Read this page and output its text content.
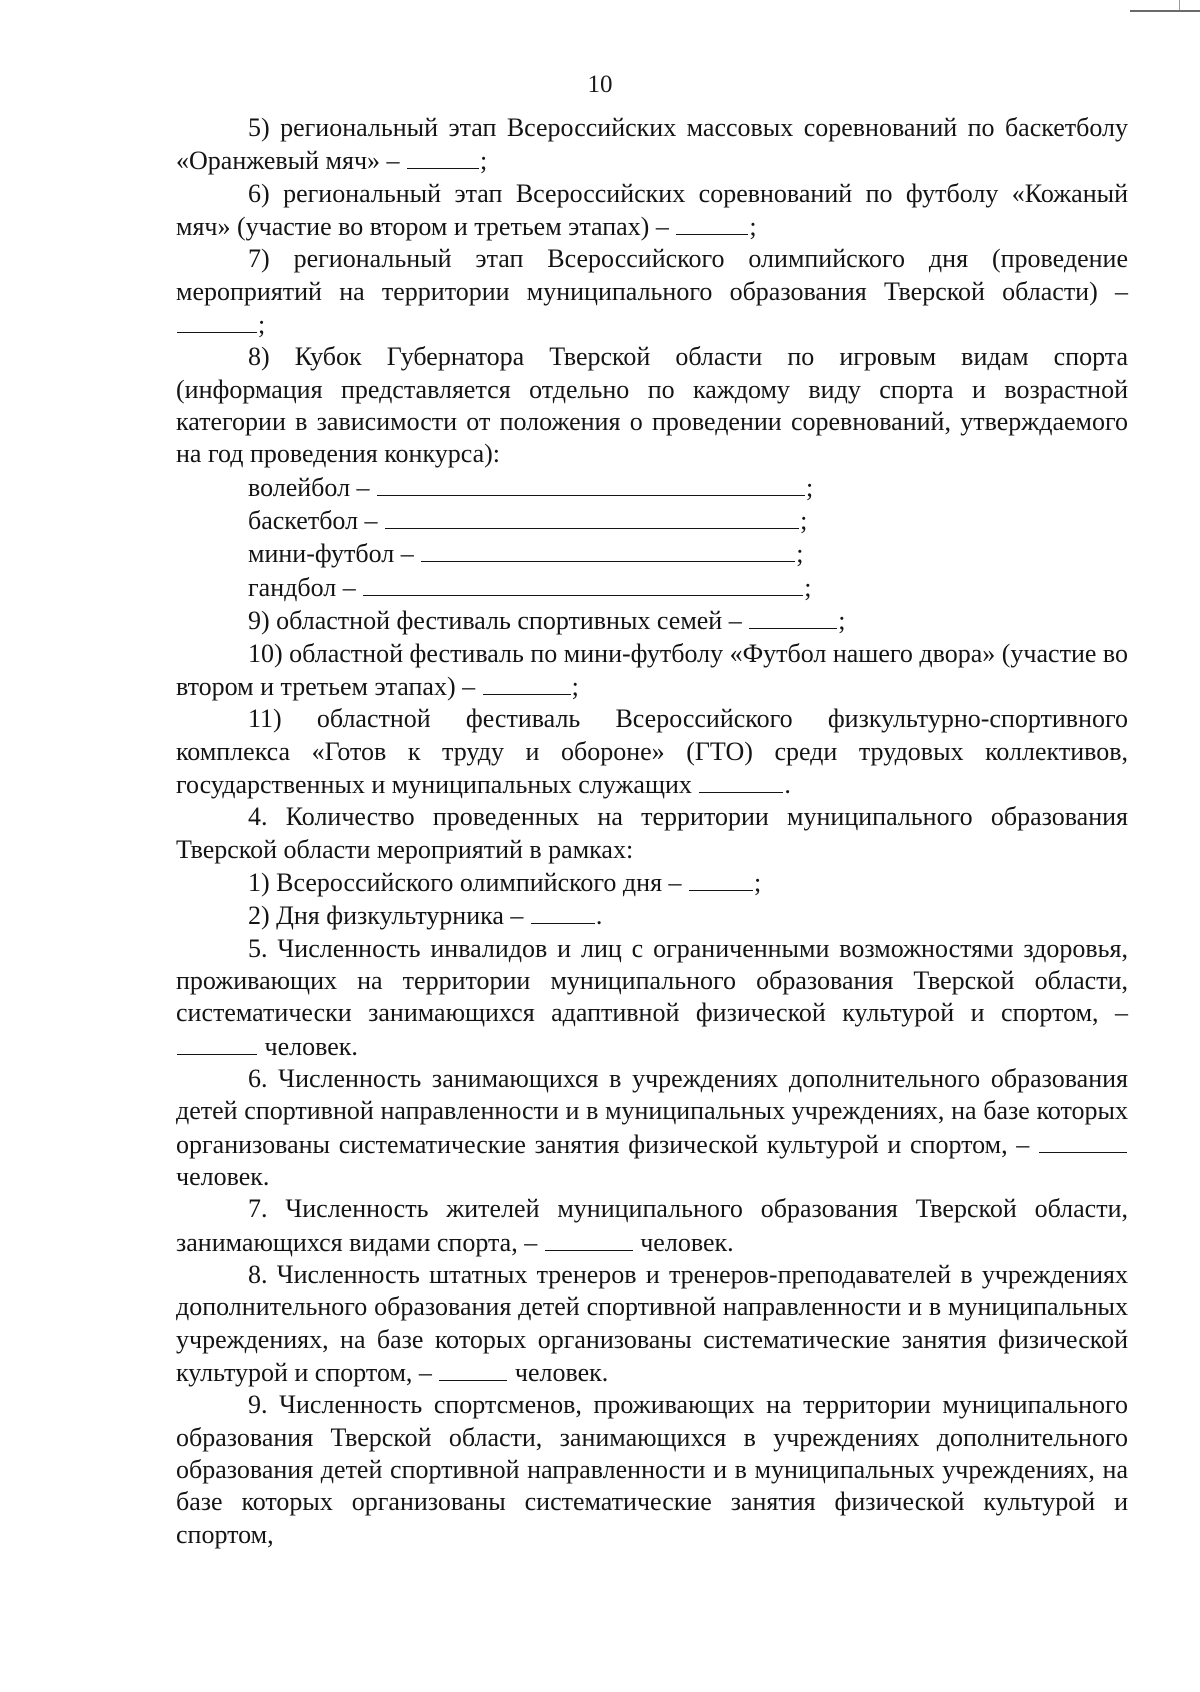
10

5) региональный этап Всероссийских массовых соревнований по баскетболу «Оранжевый мяч» –	;

6) региональный этап Всероссийских соревнований по футболу «Кожаный мяч» (участие во втором и третьем этапах) –	;

7) региональный этап Всероссийского олимпийского дня (проведение мероприятий на территории муниципального образования Тверской области) – ;

8) Кубок Губернатора Тверской области по игровым видам спорта (информация представляется отдельно по каждому виду спорта и возрастной категории в зависимости от положения о проведении соревнований, утверждаемого на год проведения конкурса):

волейбол –	;

баскетбол –	;

мини-футбол –	;

гандбол –	;

9) областной фестиваль спортивных семей –	;

10) областной фестиваль по мини-футболу «Футбол нашего двора» (участие во втором и третьем этапах) –	;

11) областной фестиваль Всероссийского физкультурно-спортивного комплекса «Готов к труду и обороне» (ГТО) среди трудовых коллективов, государственных и муниципальных служащих	.

4. Количество проведенных на территории муниципального образования Тверской области мероприятий в рамках:

1) Всероссийского олимпийского дня –	;

2) Дня физкультурника –	.

5. Численность инвалидов и лиц с ограниченными возможностями здоровья, проживающих на территории муниципального образования Тверской области, систематически занимающихся адаптивной физической культурой и спортом, –  человек.

6. Численность занимающихся в учреждениях дополнительного образования детей спортивной направленности и в муниципальных учреждениях, на базе которых организованы систематические занятия физической культурой и спортом, –  человек.

7. Численность жителей муниципального образования Тверской области, занимающихся видами спорта, –	человек.

8. Численность штатных тренеров и тренеров-преподавателей в учреждениях дополнительного образования детей спортивной направленности и в муниципальных учреждениях, на базе которых организованы систематические занятия физической культурой и спортом, –	человек.

9. Численность спортсменов, проживающих на территории муниципального образования Тверской области, занимающихся в учреждениях дополнительного образования детей спортивной направленности и в муниципальных учреждениях, на базе которых организованы систематические занятия физической культурой и спортом,
